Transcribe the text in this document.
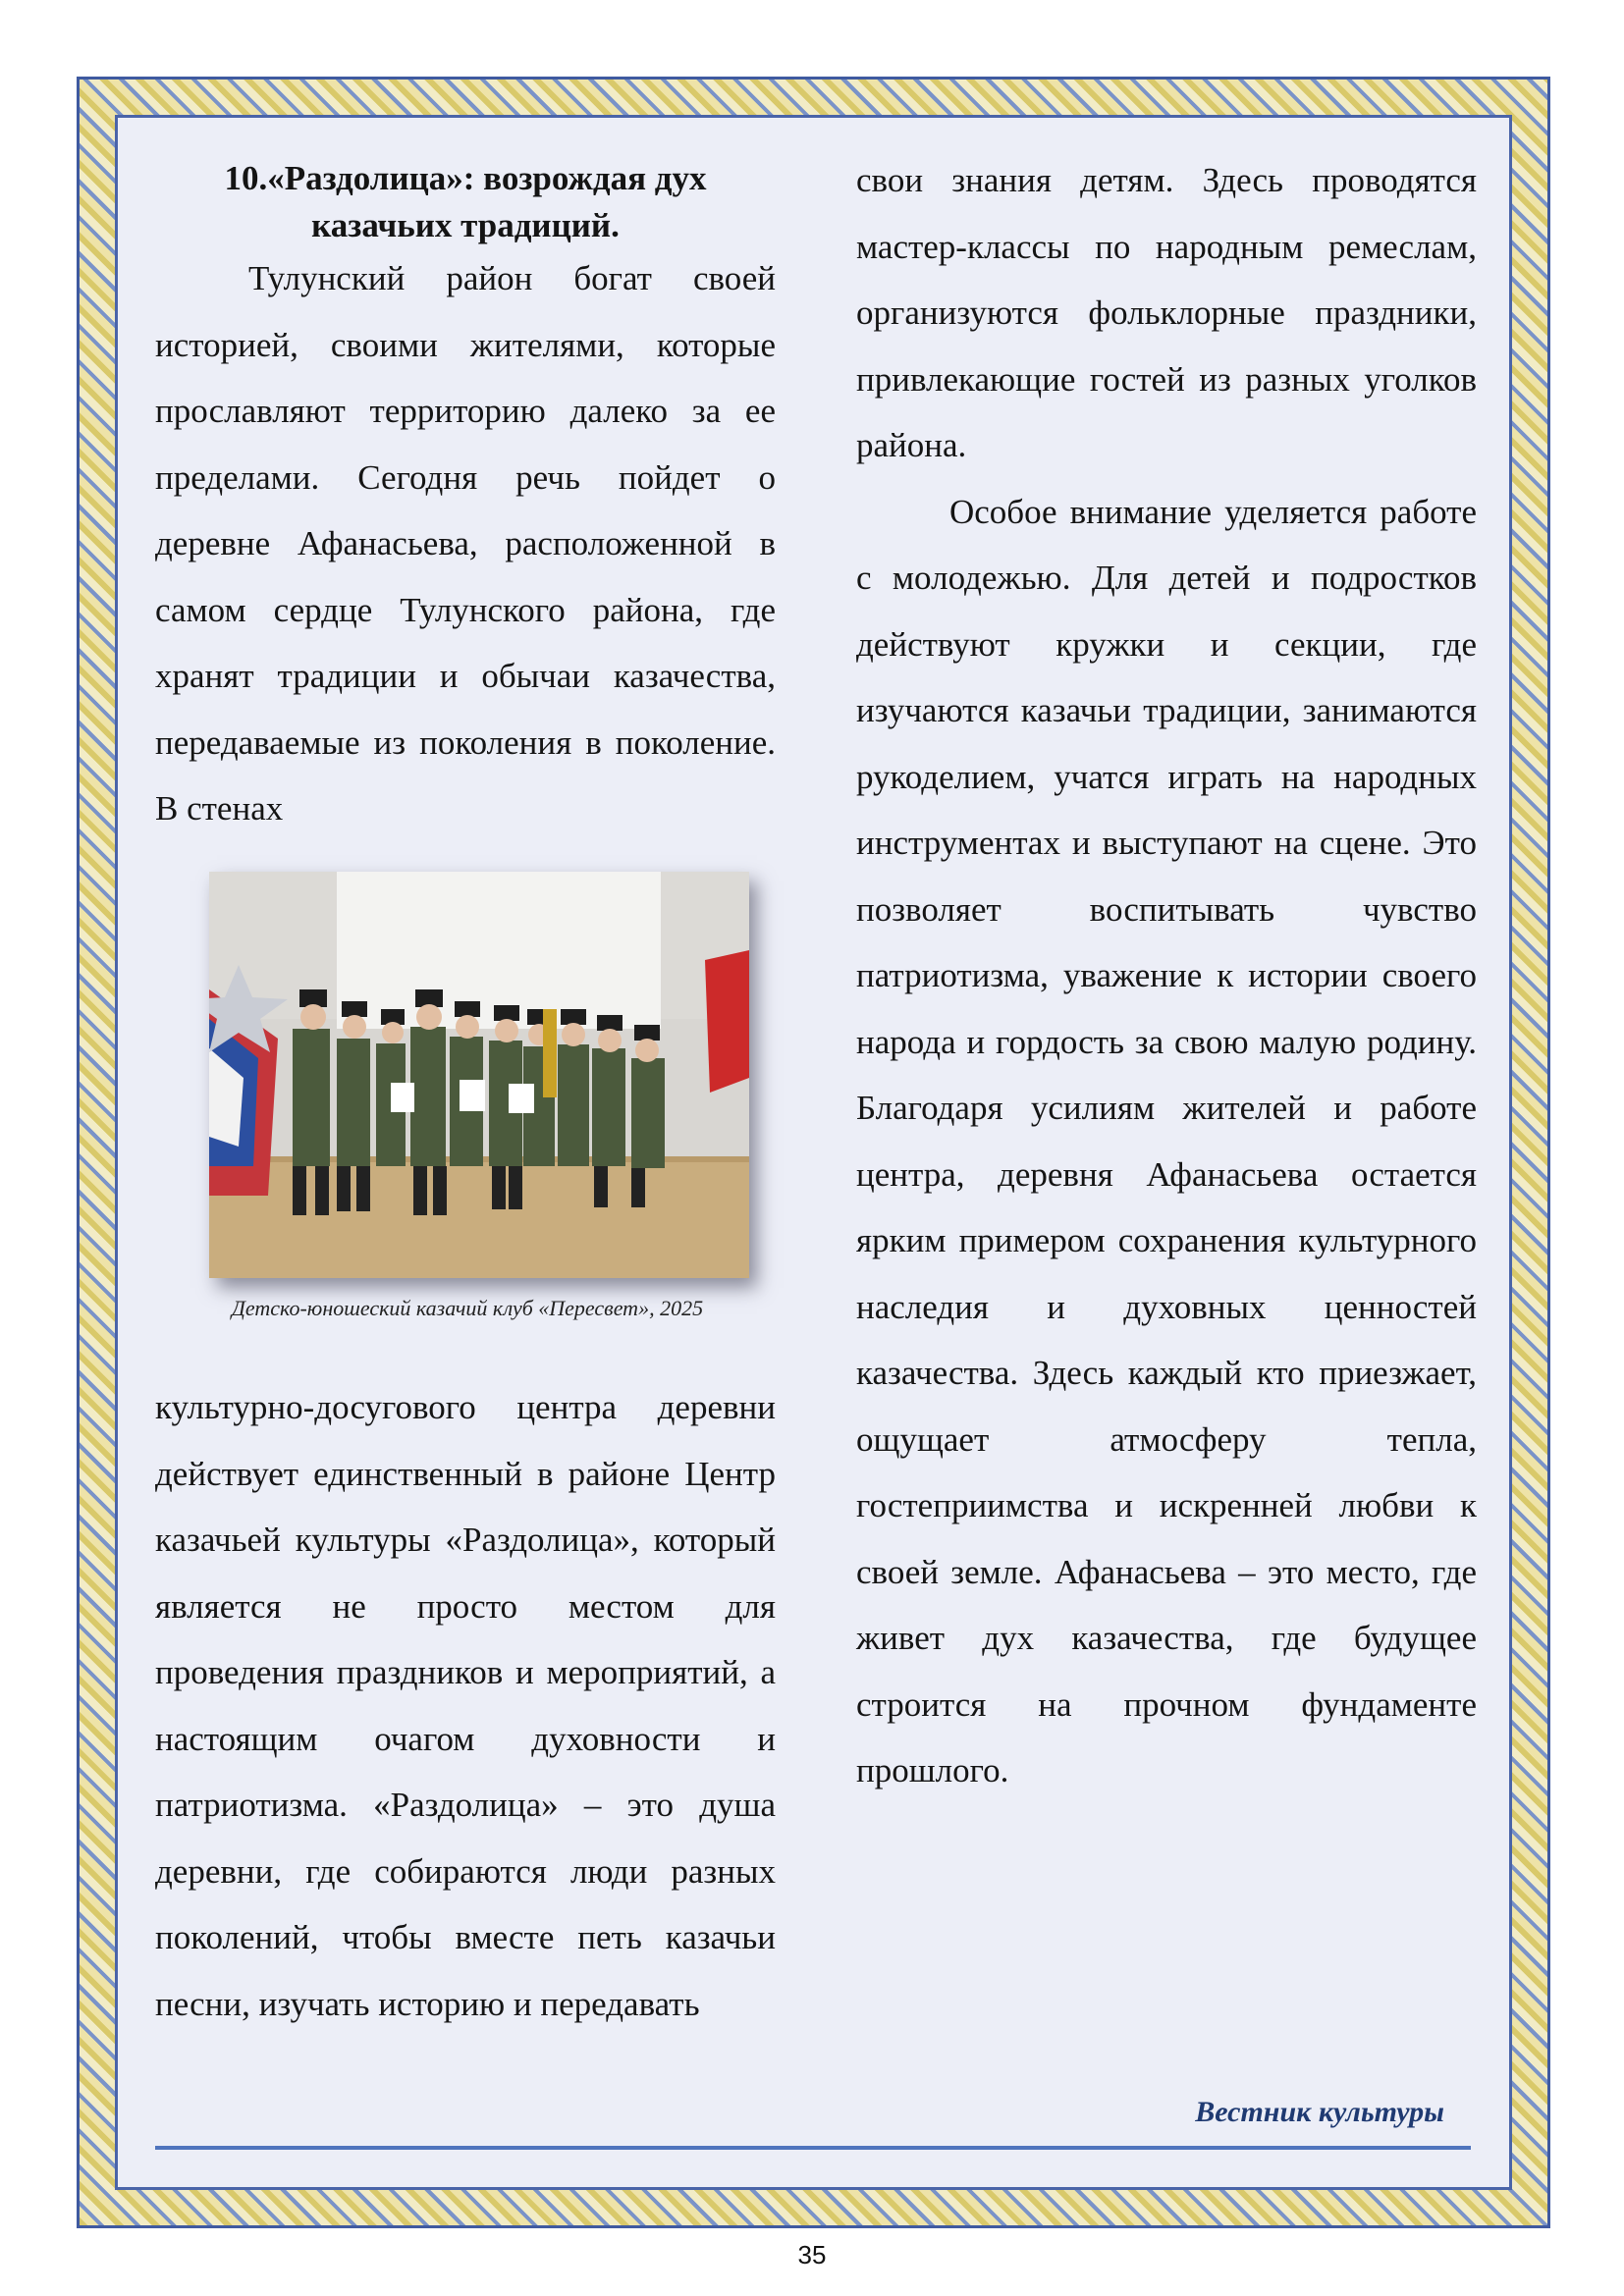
10.«Раздолица»: возрождая дух
казачьих традиций.

Тулунский район богат своей историей, своими жителями, которые прославляют территорию далеко за ее пределами. Сегодня речь пойдет о деревне Афанасьева, расположенной в самом сердце Тулунского района, где хранят традиции и обычаи казачества, передаваемые из поколения в поколение. В стенах

Детско-юношеский казачий клуб «Пересвет», 2025

культурно-досугового центра деревни действует единственный в районе Центр казачьей культуры «Раздолица», который является не просто местом для проведения праздников и мероприятий, а настоящим очагом духовности и патриотизма. «Раздолица» – это душа деревни, где собираются люди разных поколений, чтобы вместе петь казачьи песни, изучать историю и передавать

свои знания детям. Здесь проводятся мастер-классы по народным ремеслам, организуются фольклорные праздники, привлекающие гостей из разных уголков района.

Особое внимание уделяется работе с молодежью. Для детей и подростков действуют кружки и секции, где изучаются казачьи традиции, занимаются рукоделием, учатся играть на народных инструментах и выступают на сцене. Это позволяет воспитывать чувство патриотизма, уважение к истории своего народа и гордость за свою малую родину. Благодаря усилиям жителей и работе центра, деревня Афанасьева остается ярким примером сохранения культурного наследия и духовных ценностей казачества. Здесь каждый кто приезжает, ощущает атмосферу тепла, гостеприимства и искренней любви к своей земле. Афанасьева – это место, где живет дух казачества, где будущее строится на прочном фундаменте прошлого.

Вестник культуры
35
